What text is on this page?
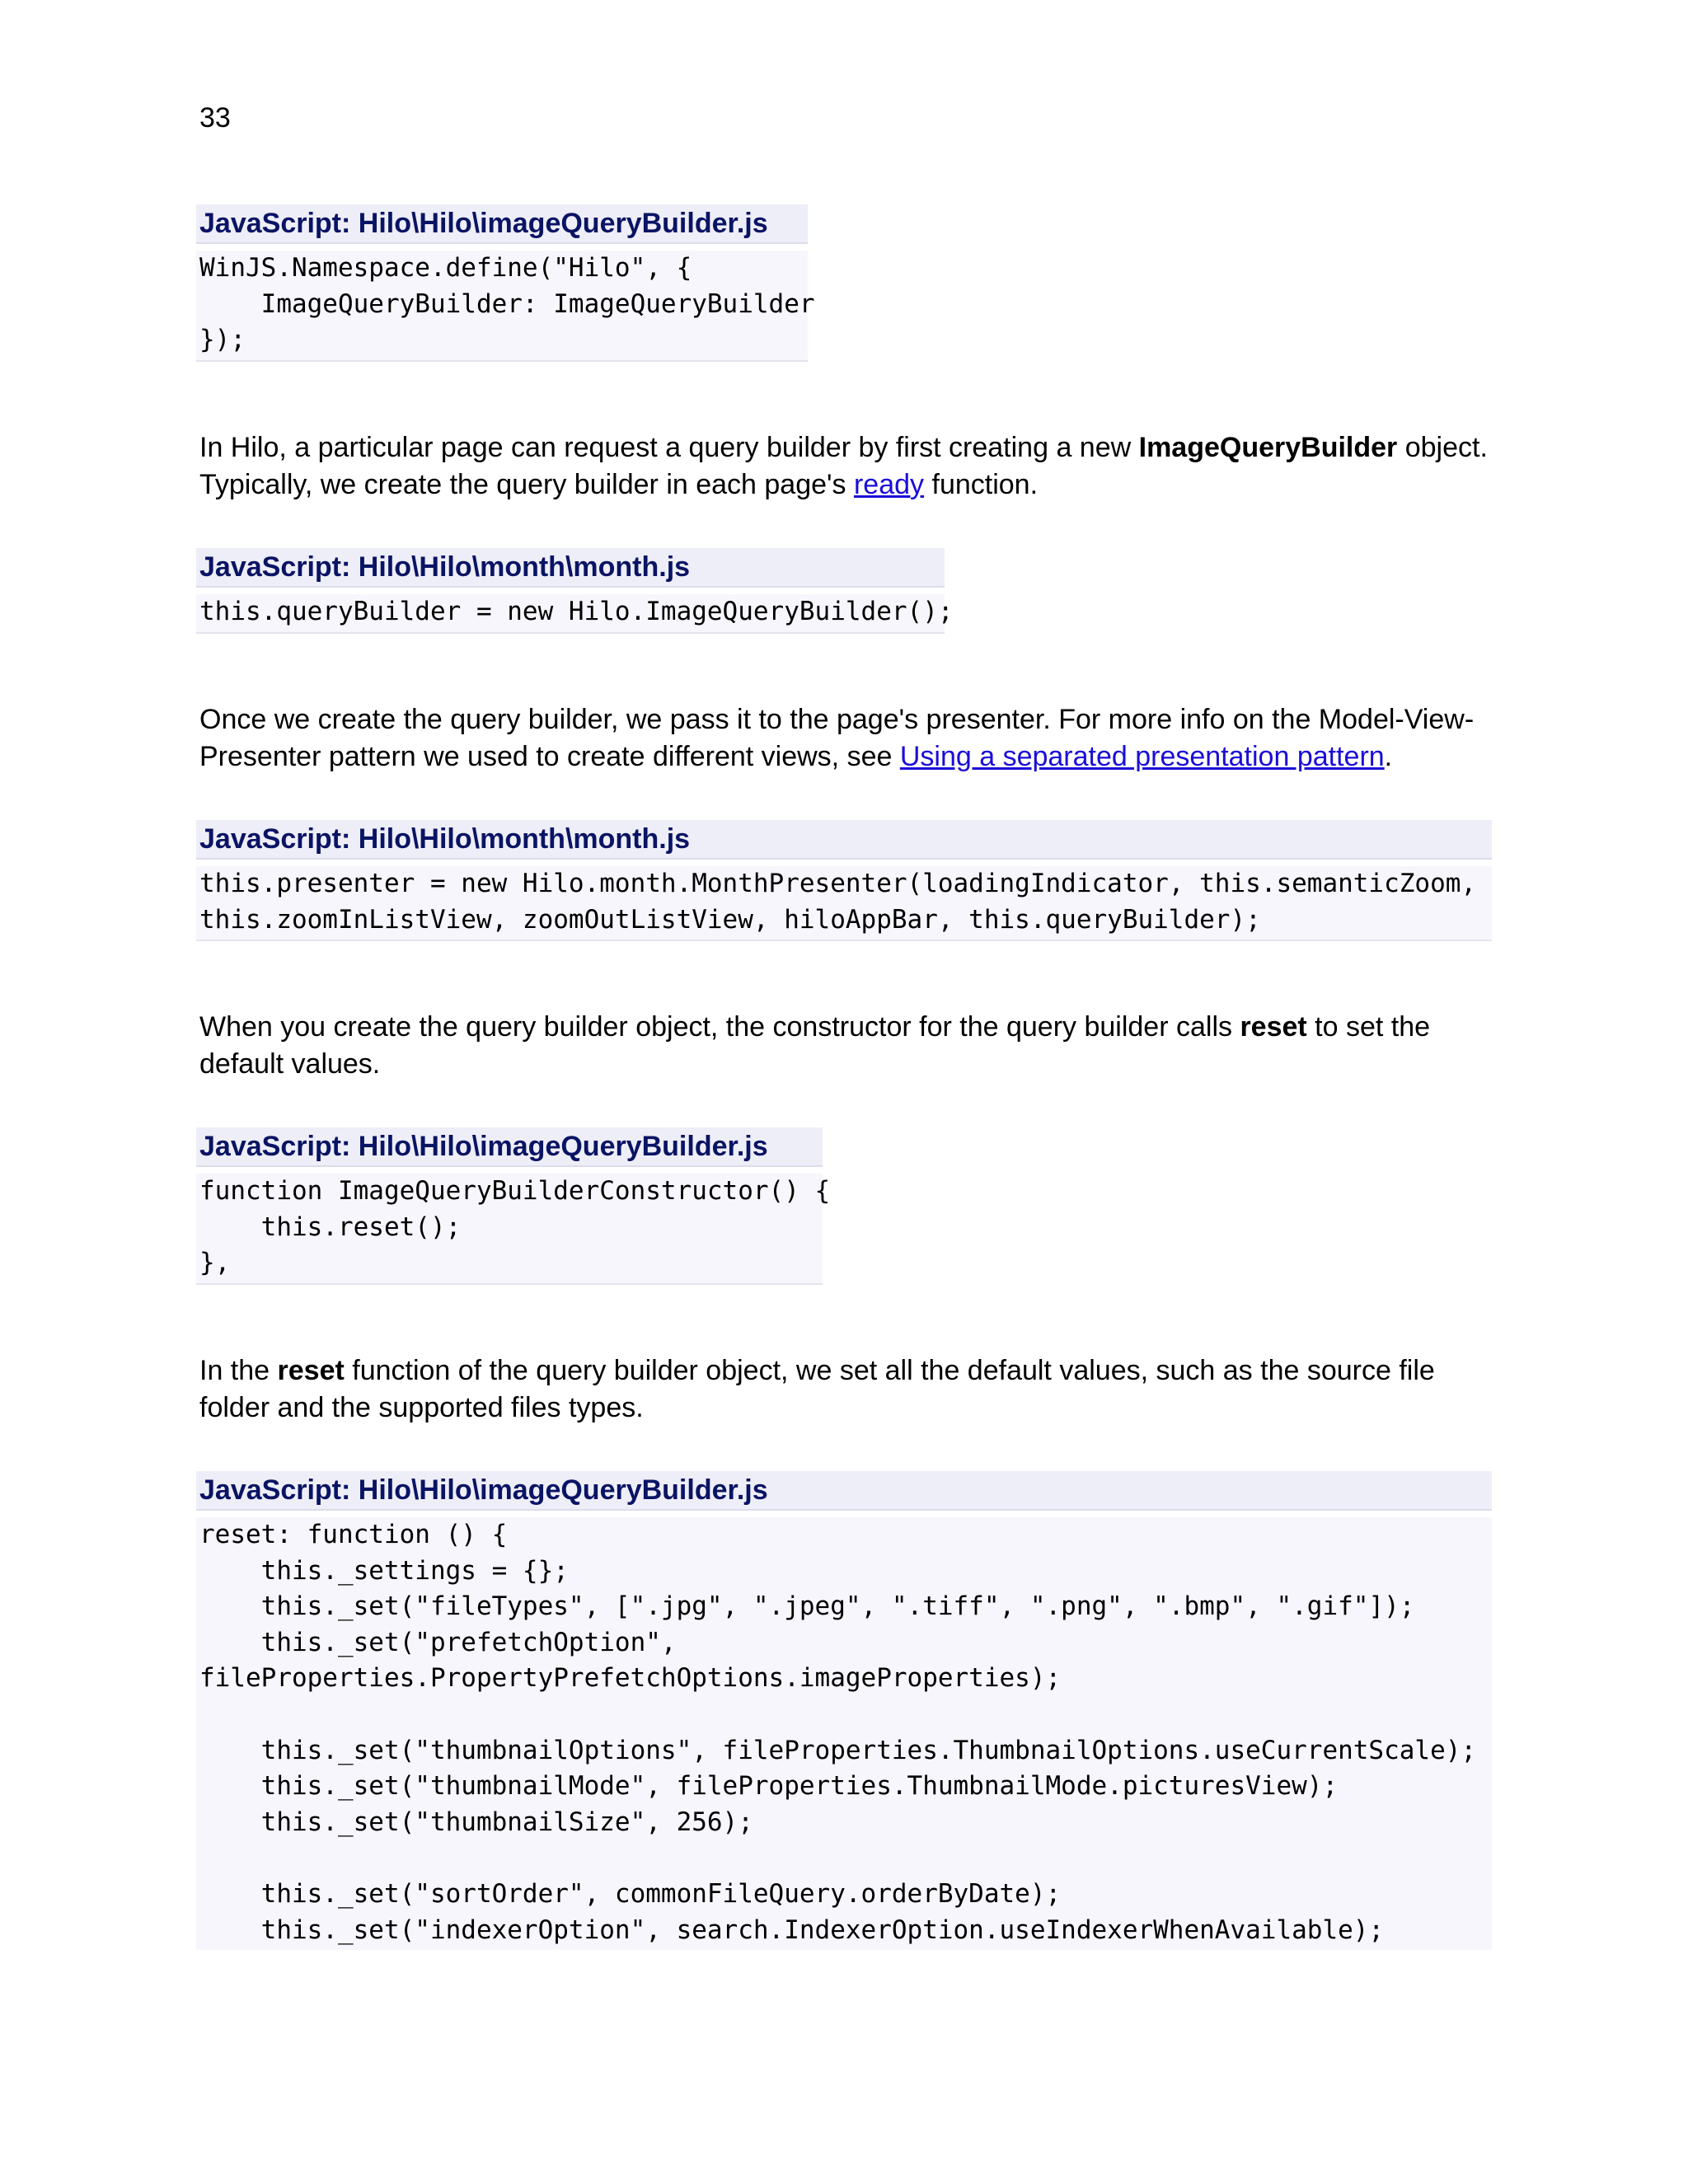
33
JavaScript: Hilo\Hilo\imageQueryBuilder.js
WinJS.Namespace.define("Hilo", {
ImageQueryBuilder: ImageQueryBuilder
});

In Hilo, a particular page can request a query builder by first creating a new ImageQueryBuilder object. Typically, we create the query builder in each page's ready function.

JavaScript: Hilo\Hilo\month\month.js
this.queryBuilder = new Hilo.ImageQueryBuilder();

Once we create the query builder, we pass it to the page's presenter. For more info on the Model-View-Presenter pattern we used to create different views, see Using a separated presentation pattern.

JavaScript: Hilo\Hilo\month\month.js
this.presenter = new Hilo.month.MonthPresenter(loadingIndicator, this.semanticZoom,
this.zoomInListView, zoomOutListView, hiloAppBar, this.queryBuilder);

When you create the query builder object, the constructor for the query builder calls reset to set the default values.

JavaScript: Hilo\Hilo\imageQueryBuilder.js
function ImageQueryBuilderConstructor() {
this.reset();
},

In the reset function of the query builder object, we set all the default values, such as the source file folder and the supported files types.

JavaScript: Hilo\Hilo\imageQueryBuilder.js
reset: function () {
this._settings = {};
this._set("fileTypes", [".jpg", ".jpeg", ".tiff", ".png", ".bmp", ".gif"]);
this._set("prefetchOption",
fileProperties.PropertyPrefetchOptions.imageProperties);

this._set("thumbnailOptions", fileProperties.ThumbnailOptions.useCurrentScale);
this._set("thumbnailMode", fileProperties.ThumbnailMode.picturesView);
this._set("thumbnailSize", 256);

this._set("sortOrder", commonFileQuery.orderByDate);
this._set("indexerOption", search.IndexerOption.useIndexerWhenAvailable);
